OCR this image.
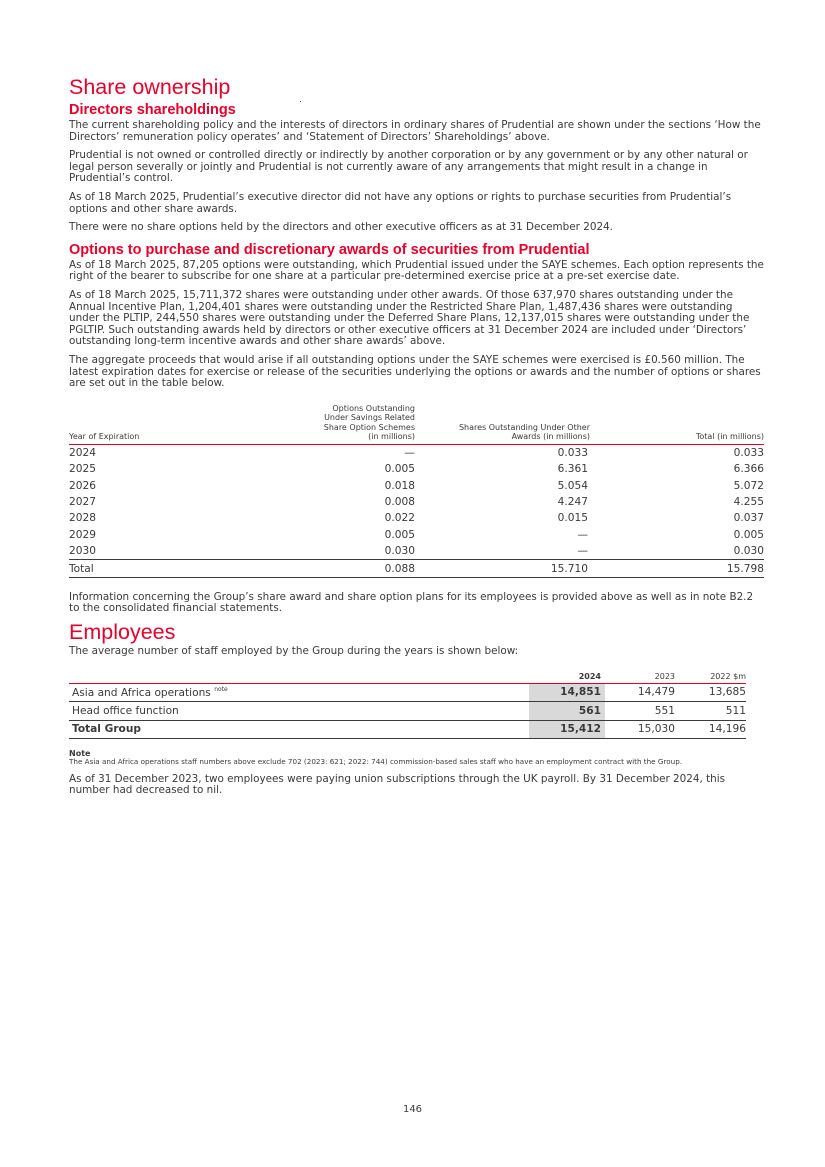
Share ownership
Directors shareholdings

The current shareholding policy and the interests of directors in ordinary shares of Prudential are shown under the sections ‘How the Directors’ remuneration policy operates’ and ‘Statement of Directors’ Shareholdings’ above.

Prudential is not owned or controlled directly or indirectly by another corporation or by any government or by any other natural or legal person severally or jointly and Prudential is not currently aware of any arrangements that might result in a change in Prudential’s control.

As of 18 March 2025, Prudential’s executive director did not have any options or rights to purchase securities from Prudential’s options and other share awards.

There were no share options held by the directors and other executive officers as at 31 December 2024.

Options to purchase and discretionary awards of securities from Prudential

As of 18 March 2025, 87,205 options were outstanding, which Prudential issued under the SAYE schemes. Each option represents the right of the bearer to subscribe for one share at a particular pre-determined exercise price at a pre-set exercise date.

As of 18 March 2025, 15,711,372 shares were outstanding under other awards. Of those 637,970 shares outstanding under the Annual Incentive Plan, 1,204,401 shares were outstanding under the Restricted Share Plan, 1,487,436 shares were outstanding under the PLTIP, 244,550 shares were outstanding under the Deferred Share Plans, 12,137,015 shares were outstanding under the PGLTIP. Such outstanding awards held by directors or other executive officers at 31 December 2024 are included under ‘Directors’ outstanding long-term incentive awards and other share awards’ above.

The aggregate proceeds that would arise if all outstanding options under the SAYE schemes were exercised is £0.560 million. The latest expiration dates for exercise or release of the securities underlying the options or awards and the number of options or shares are set out in the table below.

Year of Expiration	Options Outstanding Under Savings Related Share Option Schemes (in millions)	Shares Outstanding Under Other Awards (in millions)	Total (in millions)
2024	—	0.033	0.033
2025	0.005	6.361	6.366
2026	0.018	5.054	5.072
2027	0.008	4.247	4.255
2028	0.022	0.015	0.037
2029	0.005	—	0.005
2030	0.030	—	0.030
Total	0.088	15.710	15.798

Information concerning the Group’s share award and share option plans for its employees is provided above as well as in note B2.2 to the consolidated financial statements.

Employees

The average number of staff employed by the Group during the years is shown below:

	2024	2023	2022 $m
Asia and Africa operations $^{note}$	14,851	14,479	13,685
Head office function	561	551	511
Total Group	15,412	15,030	14,196
Note
The Asia and Africa operations staff numbers above exclude 702 (2023: 621; 2022: 744) commission-based sales staff who have an employment contract with the Group.

As of 31 December 2023, two employees were paying union subscriptions through the UK payroll. By 31 December 2024, this number had decreased to nil.

146
